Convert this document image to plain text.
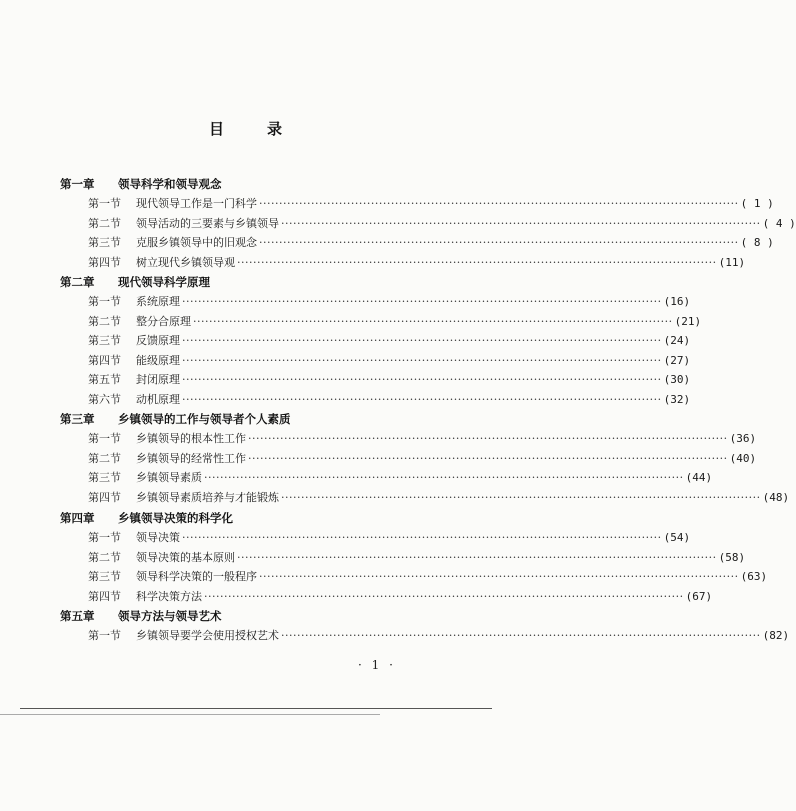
目　录
第一章 领导科学和领导观念
第一节	现代领导工作是一门科学 ························································································································ ( 1 )
第二节	领导活动的三要素与乡镇领导 ························································································································ ( 4 )
第三节	克服乡镇领导中的旧观念 ························································································································ ( 8 )
第四节	树立现代乡镇领导观 ························································································································ (11)
第二章 现代领导科学原理
第一节	系统原理 ························································································································ (16)
第二节	整分合原理 ························································································································ (21)
第三节	反馈原理 ························································································································ (24)
第四节	能级原理 ························································································································ (27)
第五节	封闭原理 ························································································································ (30)
第六节	动机原理 ························································································································ (32)
第三章 乡镇领导的工作与领导者个人素质
第一节	乡镇领导的根本性工作 ························································································································ (36)
第二节	乡镇领导的经常性工作 ························································································································ (40)
第三节	乡镇领导素质 ························································································································ (44)
第四节	乡镇领导素质培养与才能锻炼 ························································································································ (48)
第四章 乡镇领导决策的科学化
第一节	领导决策 ························································································································ (54)
第二节	领导决策的基本原则 ························································································································ (58)
第三节	领导科学决策的一般程序 ························································································································ (63)
第四节	科学决策方法 ························································································································ (67)
第五章 领导方法与领导艺术
第一节	乡镇领导要学会使用授权艺术 ························································································································ (82)
· 1 ·
